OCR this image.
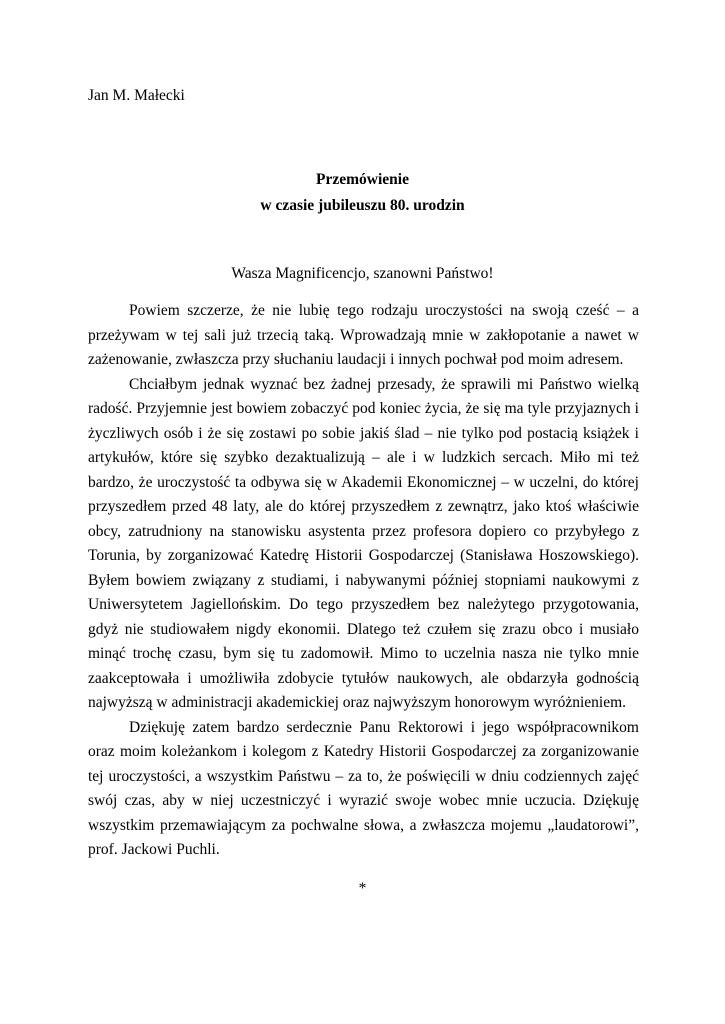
Jan M. Małecki
Przemówienie
w czasie jubileuszu 80. urodzin
Wasza Magnificencjo, szanowni Państwo!

Powiem szczerze, że nie lubię tego rodzaju uroczystości na swoją cześć – a przeżywam w tej sali już trzecią taką. Wprowadzają mnie w zakłopotanie a nawet w zażenowanie, zwłaszcza przy słuchaniu laudacji i innych pochwał pod moim adresem.

Chciałbym jednak wyznać bez żadnej przesady, że sprawili mi Państwo wielką radość. Przyjemnie jest bowiem zobaczyć pod koniec życia, że się ma tyle przyjaznych i życzliwych osób i że się zostawi po sobie jakiś ślad – nie tylko pod postacią książek i artykułów, które się szybko dezaktualizują – ale i w ludzkich sercach. Miło mi też bardzo, że uroczystość ta odbywa się w Akademii Ekonomicznej – w uczelni, do której przyszedłem przed 48 laty, ale do której przyszedłem z zewnątrz, jako ktoś właściwie obcy, zatrudniony na stanowisku asystenta przez profesora dopiero co przybyłego z Torunia, by zorganizować Katedrę Historii Gospodarczej (Stanisława Hoszowskiego). Byłem bowiem związany z studiami, i nabywanymi później stopniami naukowymi z Uniwersytetem Jagiellońskim. Do tego przyszedłem bez należytego przygotowania, gdyż nie studiowałem nigdy ekonomii. Dlatego też czułem się zrazu obco i musiało minąć trochę czasu, bym się tu zadomowił. Mimo to uczelnia nasza nie tylko mnie zaakceptowała i umożliwiła zdobycie tytułów naukowych, ale obdarzyła godnością najwyższą w administracji akademickiej oraz najwyższym honorowym wyróżnieniem.

Dziękuję zatem bardzo serdecznie Panu Rektorowi i jego współpracownikom oraz moim koleżankom i kolegom z Katedry Historii Gospodarczej za zorganizowanie tej uroczystości, a wszystkim Państwu – za to, że poświęcili w dniu codziennych zajęć swój czas, aby w niej uczestniczyć i wyrazić swoje wobec mnie uczucia. Dziękuję wszystkim przemawiającym za pochwalne słowa, a zwłaszcza mojemu „laudatorowi”, prof. Jackowi Puchli.

*
